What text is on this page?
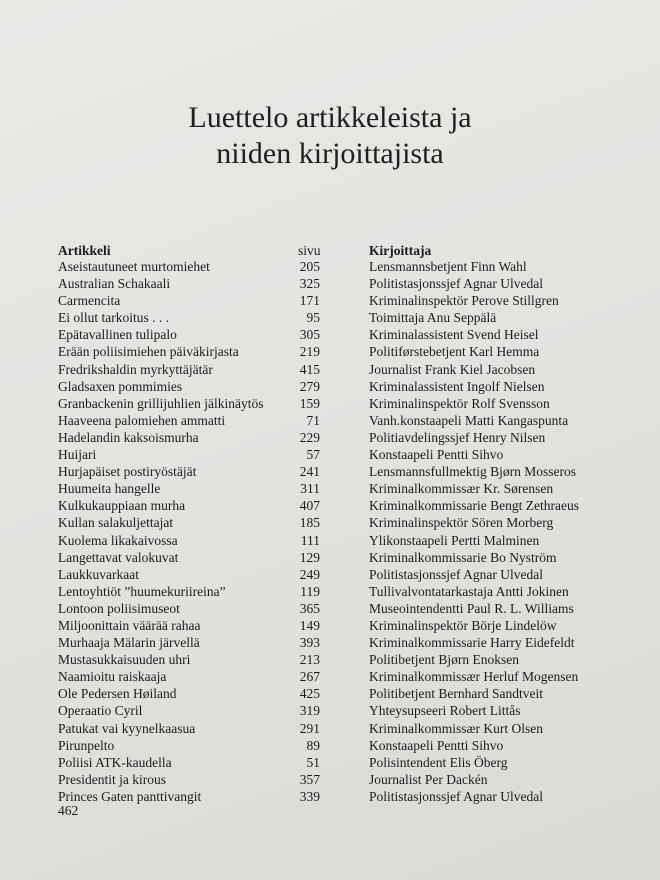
Luettelo artikkeleista ja
niiden kirjoittajista
Artikkeli	sivu	Kirjoittaja
Aseistautuneet murtomiehet	205	Lensmannsbetjent Finn Wahl
Australian Schakaali	325	Politistasjonssjef Agnar Ulvedal
Carmencita	171	Kriminalinspektör Perove Stillgren
Ei ollut tarkoitus . . .	95	Toimittaja Anu Seppälä
Epätavallinen tulipalo	305	Kriminalassistent Svend Heisel
Erään poliisimiehen päiväkirjasta	219	Politiførstebetjent Karl Hemma
Fredrikshaldin myrkyttäjätär	415	Journalist Frank Kiel Jacobsen
Gladsaxen pommimies	279	Kriminalassistent Ingolf Nielsen
Granbackenin grillijuhlien jälkinäytös	159	Kriminalinspektör Rolf Svensson
Haaveena palomiehen ammatti	71	Vanh.konstaapeli Matti Kangaspunta
Hadelandin kaksoismurha	229	Politiavdelingssjef Henry Nilsen
Huijari	57	Konstaapeli Pentti Sihvo
Hurjapäiset postiryöstäjät	241	Lensmannsfullmektig Bjørn Mosseros
Huumeita hangelle	311	Kriminalkommissær Kr. Sørensen
Kulkukauppiaan murha	407	Kriminalkommissarie Bengt Zethraeus
Kullan salakuljettajat	185	Kriminalinspektör Sören Morberg
Kuolema likakaivossa	111	Ylikonstaapeli Pertti Malminen
Langettavat valokuvat	129	Kriminalkommissarie Bo Nyström
Laukkuvarkaat	249	Politistasjonssjef Agnar Ulvedal
Lentoyhtiöt ”huumekuriireina”	119	Tullivalvontatarkastaja Antti Jokinen
Lontoon poliisimuseot	365	Museointendentti Paul R. L. Williams
Miljoonittain väärää rahaa	149	Kriminalinspektör Börje Lindelöw
Murhaaja Mälarin järvellä	393	Kriminalkommissarie Harry Eidefeldt
Mustasukkaisuuden uhri	213	Politibetjent Bjørn Enoksen
Naamioitu raiskaaja	267	Kriminalkommissær Herluf Mogensen
Ole Pedersen Høiland	425	Politibetjent Bernhard Sandtveit
Operaatio Cyril	319	Yhteysupseeri Robert Littås
Patukat vai kyynelkaasua	291	Kriminalkommissær Kurt Olsen
Pirunpelto	89	Konstaapeli Pentti Sihvo
Poliisi ATK-kaudella	51	Polisintendent Elis Öberg
Presidentit ja kirous	357	Journalist Per Dackén
Princes Gaten panttivangit	339	Politistasjonssjef Agnar Ulvedal
462
